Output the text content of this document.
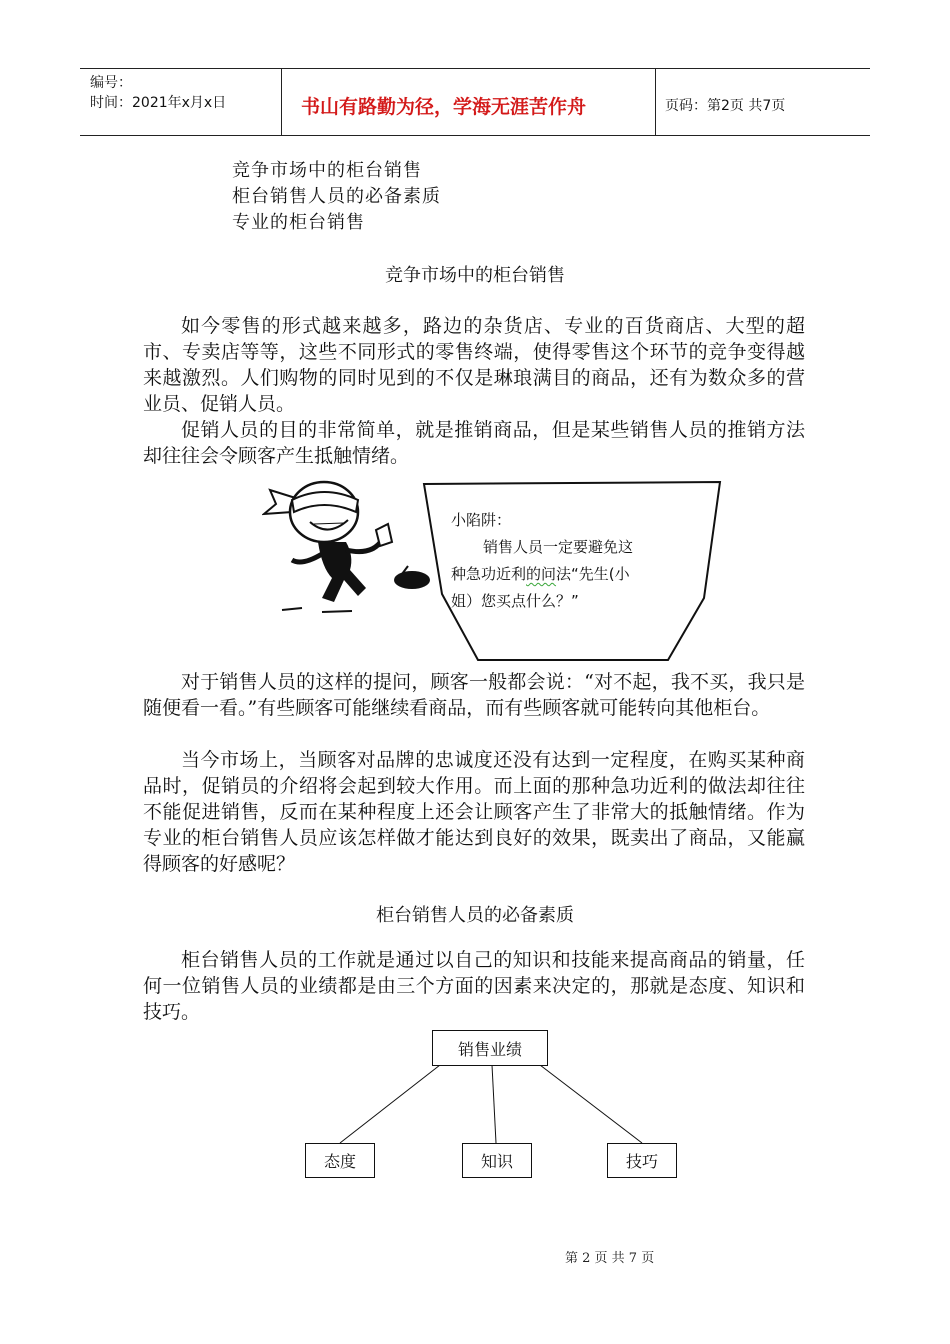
编号：
时间：2021年x月x日	书山有路勤为径，学海无涯苦作舟	页码：第2页 共7页
竞争市场中的柜台销售
柜台销售人员的必备素质
专业的柜台销售
竞争市场中的柜台销售
如今零售的形式越来越多，路边的杂货店、专业的百货商店、大型的超市、专卖店等等，这些不同形式的零售终端，使得零售这个环节的竞争变得越来越激烈。人们购物的同时见到的不仅是琳琅满目的商品，还有为数众多的营业员、促销人员。
促销人员的目的非常简单，就是推销商品，但是某些销售人员的推销方法却往往会令顾客产生抵触情绪。
小陷阱：
销售人员一定要避免这
种急功近利的问法“先生(小
姐）您买点什么？”
对于销售人员的这样的提问，顾客一般都会说：“对不起，我不买，我只是随便看一看。”有些顾客可能继续看商品，而有些顾客就可能转向其他柜台。
当今市场上，当顾客对品牌的忠诚度还没有达到一定程度，在购买某种商品时，促销员的介绍将会起到较大作用。而上面的那种急功近利的做法却往往不能促进销售，反而在某种程度上还会让顾客产生了非常大的抵触情绪。作为专业的柜台销售人员应该怎样做才能达到良好的效果，既卖出了商品，又能赢得顾客的好感呢？
柜台销售人员的必备素质
柜台销售人员的工作就是通过以自己的知识和技能来提高商品的销量，任何一位销售人员的业绩都是由三个方面的因素来决定的，那就是态度、知识和技巧。
销售业绩
态度	知识	技巧
第 2 页 共 7 页
